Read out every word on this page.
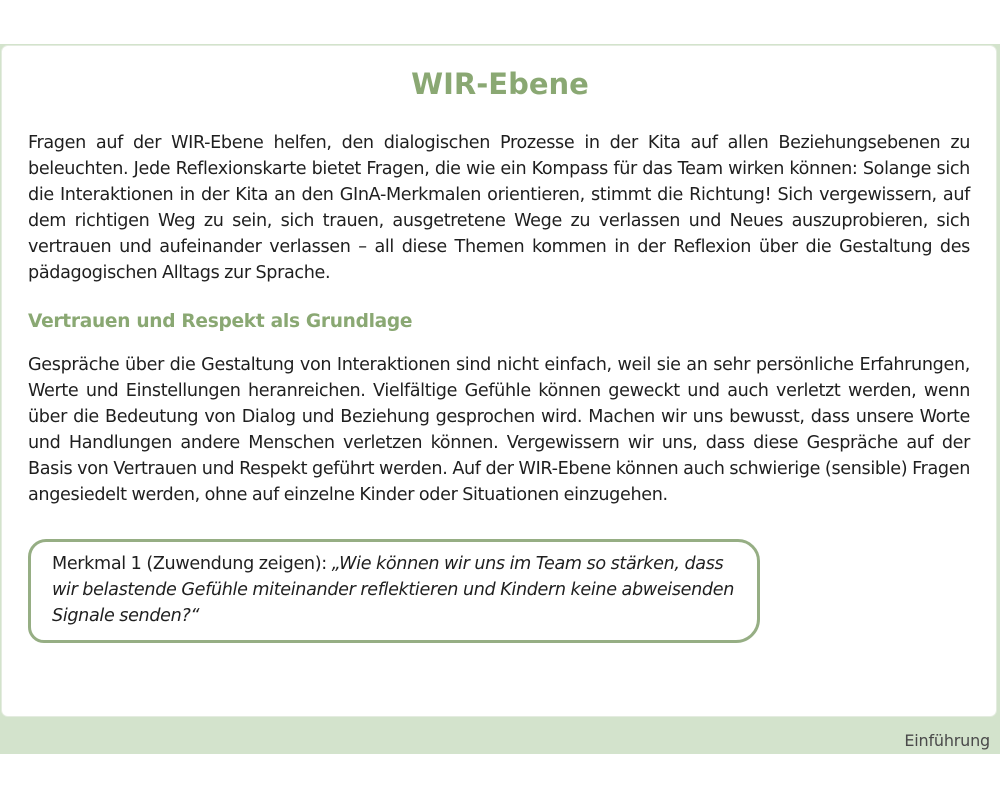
WIR-Ebene

Fragen auf der WIR-Ebene helfen, den dialogischen Prozesse in der Kita auf allen Beziehungsebenen zu beleuchten. Jede Reflexionskarte bietet Fragen, die wie ein Kompass für das Team wirken können: Solange sich die Interaktionen in der Kita an den GInA-Merkmalen orientieren, stimmt die Richtung! Sich vergewissern, auf dem richtigen Weg zu sein, sich trauen, ausgetretene Wege zu verlassen und Neues auszuprobieren, sich vertrauen und aufeinander verlassen – all diese Themen kommen in der Reflexion über die Gestaltung des pädagogischen Alltags zur Sprache.

Vertrauen und Respekt als Grundlage

Gespräche über die Gestaltung von Interaktionen sind nicht einfach, weil sie an sehr persönliche Erfahrungen, Werte und Einstellungen heranreichen. Vielfältige Gefühle können geweckt und auch verletzt werden, wenn über die Bedeutung von Dialog und Beziehung gesprochen wird. Machen wir uns bewusst, dass unsere Worte und Handlungen andere Menschen verletzen können. Vergewissern wir uns, dass diese Gespräche auf der Basis von Vertrauen und Respekt geführt werden. Auf der WIR-Ebene können auch schwierige (sensible) Fragen angesiedelt werden, ohne auf einzelne Kinder oder Situationen einzugehen.

Merkmal 1 (Zuwendung zeigen): „Wie können wir uns im Team so stärken, dass wir belastende Gefühle miteinander reflektieren und Kindern keine abweisenden Signale senden?“

Einführung
